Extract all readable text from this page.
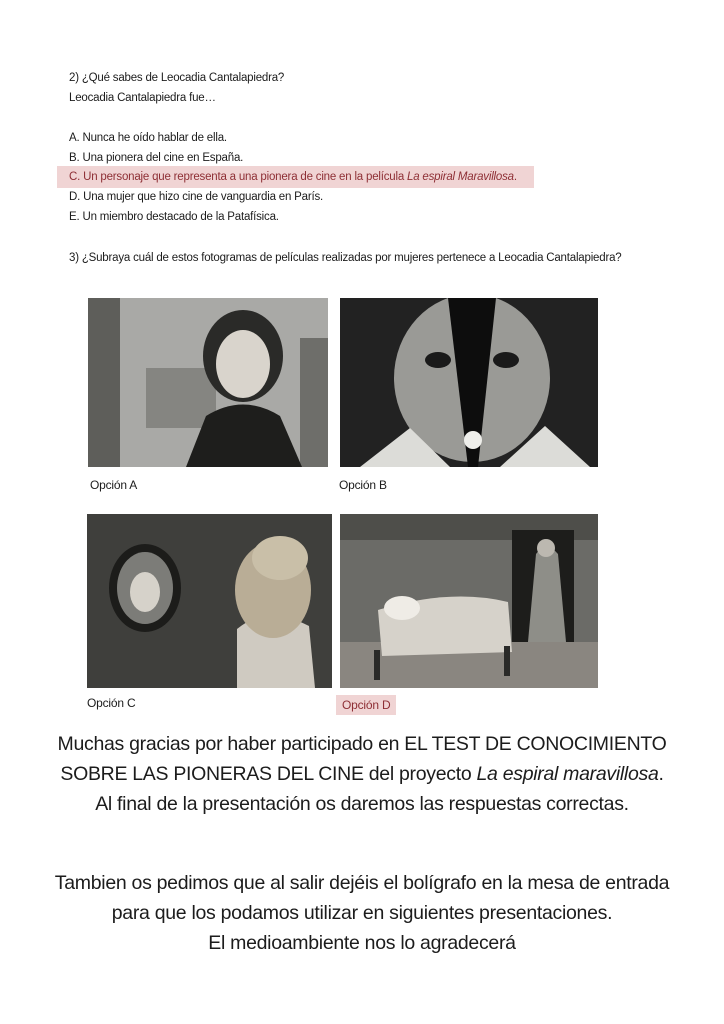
2) ¿Qué sabes de Leocadia Cantalapiedra?
Leocadia Cantalapiedra fue…
A. Nunca he oído hablar de ella.
B. Una pionera del cine en España.
C. Un personaje que representa a una pionera de cine en la película La espiral Maravillosa.
D. Una mujer que hizo cine de vanguardia en París.
E. Un miembro destacado de la Patafísica.
3) ¿Subraya cuál de estos fotogramas de películas realizadas por mujeres pertenece a Leocadia Cantalapiedra?
Opción A	Opción B
Opción C	Opción D
Muchas gracias por haber participado en EL TEST DE CONOCIMIENTO
SOBRE LAS PIONERAS DEL CINE del proyecto La espiral maravillosa.
Al final de la presentación os daremos las respuestas correctas.
Tambien os pedimos que al salir dejéis el bolígrafo en la mesa de entrada
para que los podamos utilizar en siguientes presentaciones.
El medioambiente nos lo agradecerá
